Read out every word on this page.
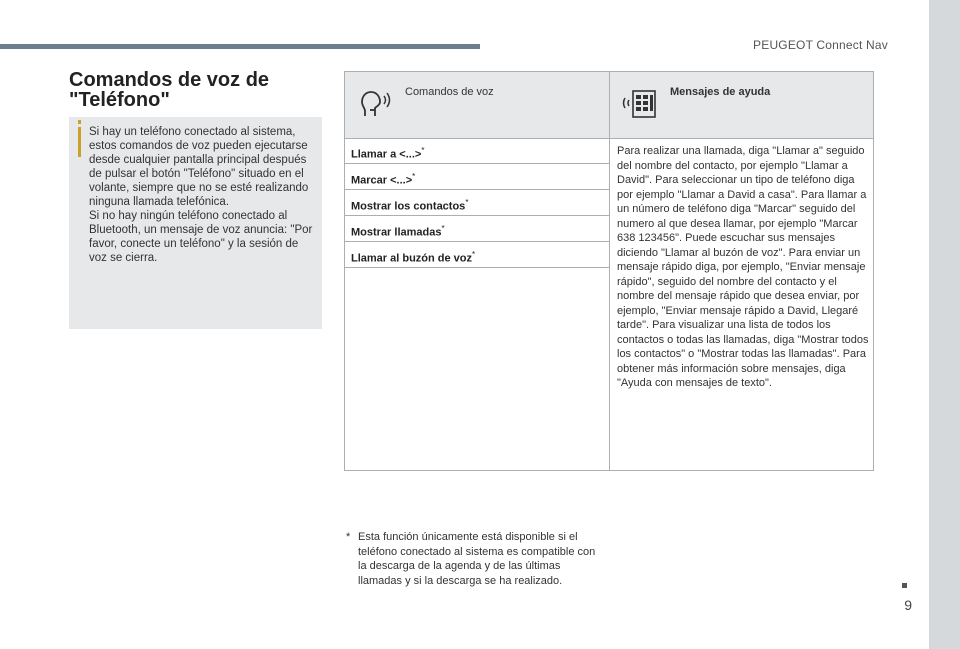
PEUGEOT Connect Nav
9
Comandos de voz de "Teléfono"
Si hay un teléfono conectado al sistema, estos comandos de voz pueden ejecutarse desde cualquier pantalla principal después de pulsar el botón "Teléfono" situado en el volante, siempre que no se esté realizando ninguna llamada telefónica.
Si no hay ningún teléfono conectado al Bluetooth, un mensaje de voz anuncia: "Por favor, conecte un teléfono" y la sesión de voz se cierra.
Comandos de voz	Mensajes de ayuda
Llamar a <...>*
Marcar <...>*
Mostrar los contactos*
Mostrar llamadas*
Llamar al buzón de voz*
Para realizar una llamada, diga "Llamar a" seguido del nombre del contacto, por ejemplo "Llamar a David". Para seleccionar un tipo de teléfono diga por ejemplo "Llamar a David a casa". Para llamar a un número de teléfono diga "Marcar" seguido del numero al que desea llamar, por ejemplo "Marcar 638 123456". Puede escuchar sus mensajes diciendo "Llamar al buzón de voz". Para enviar un mensaje rápido diga, por ejemplo, "Enviar mensaje rápido", seguido del nombre del contacto y el nombre del mensaje rápido que desea enviar, por ejemplo, "Enviar mensaje rápido a David, Llegaré tarde". Para visualizar una lista de todos los contactos o todas las llamadas, diga "Mostrar todos los contactos" o "Mostrar todas las llamadas". Para obtener más información sobre mensajes, diga "Ayuda con mensajes de texto".
* Esta función únicamente está disponible si el teléfono conectado al sistema es compatible con la descarga de la agenda y de las últimas llamadas y si la descarga se ha realizado.
